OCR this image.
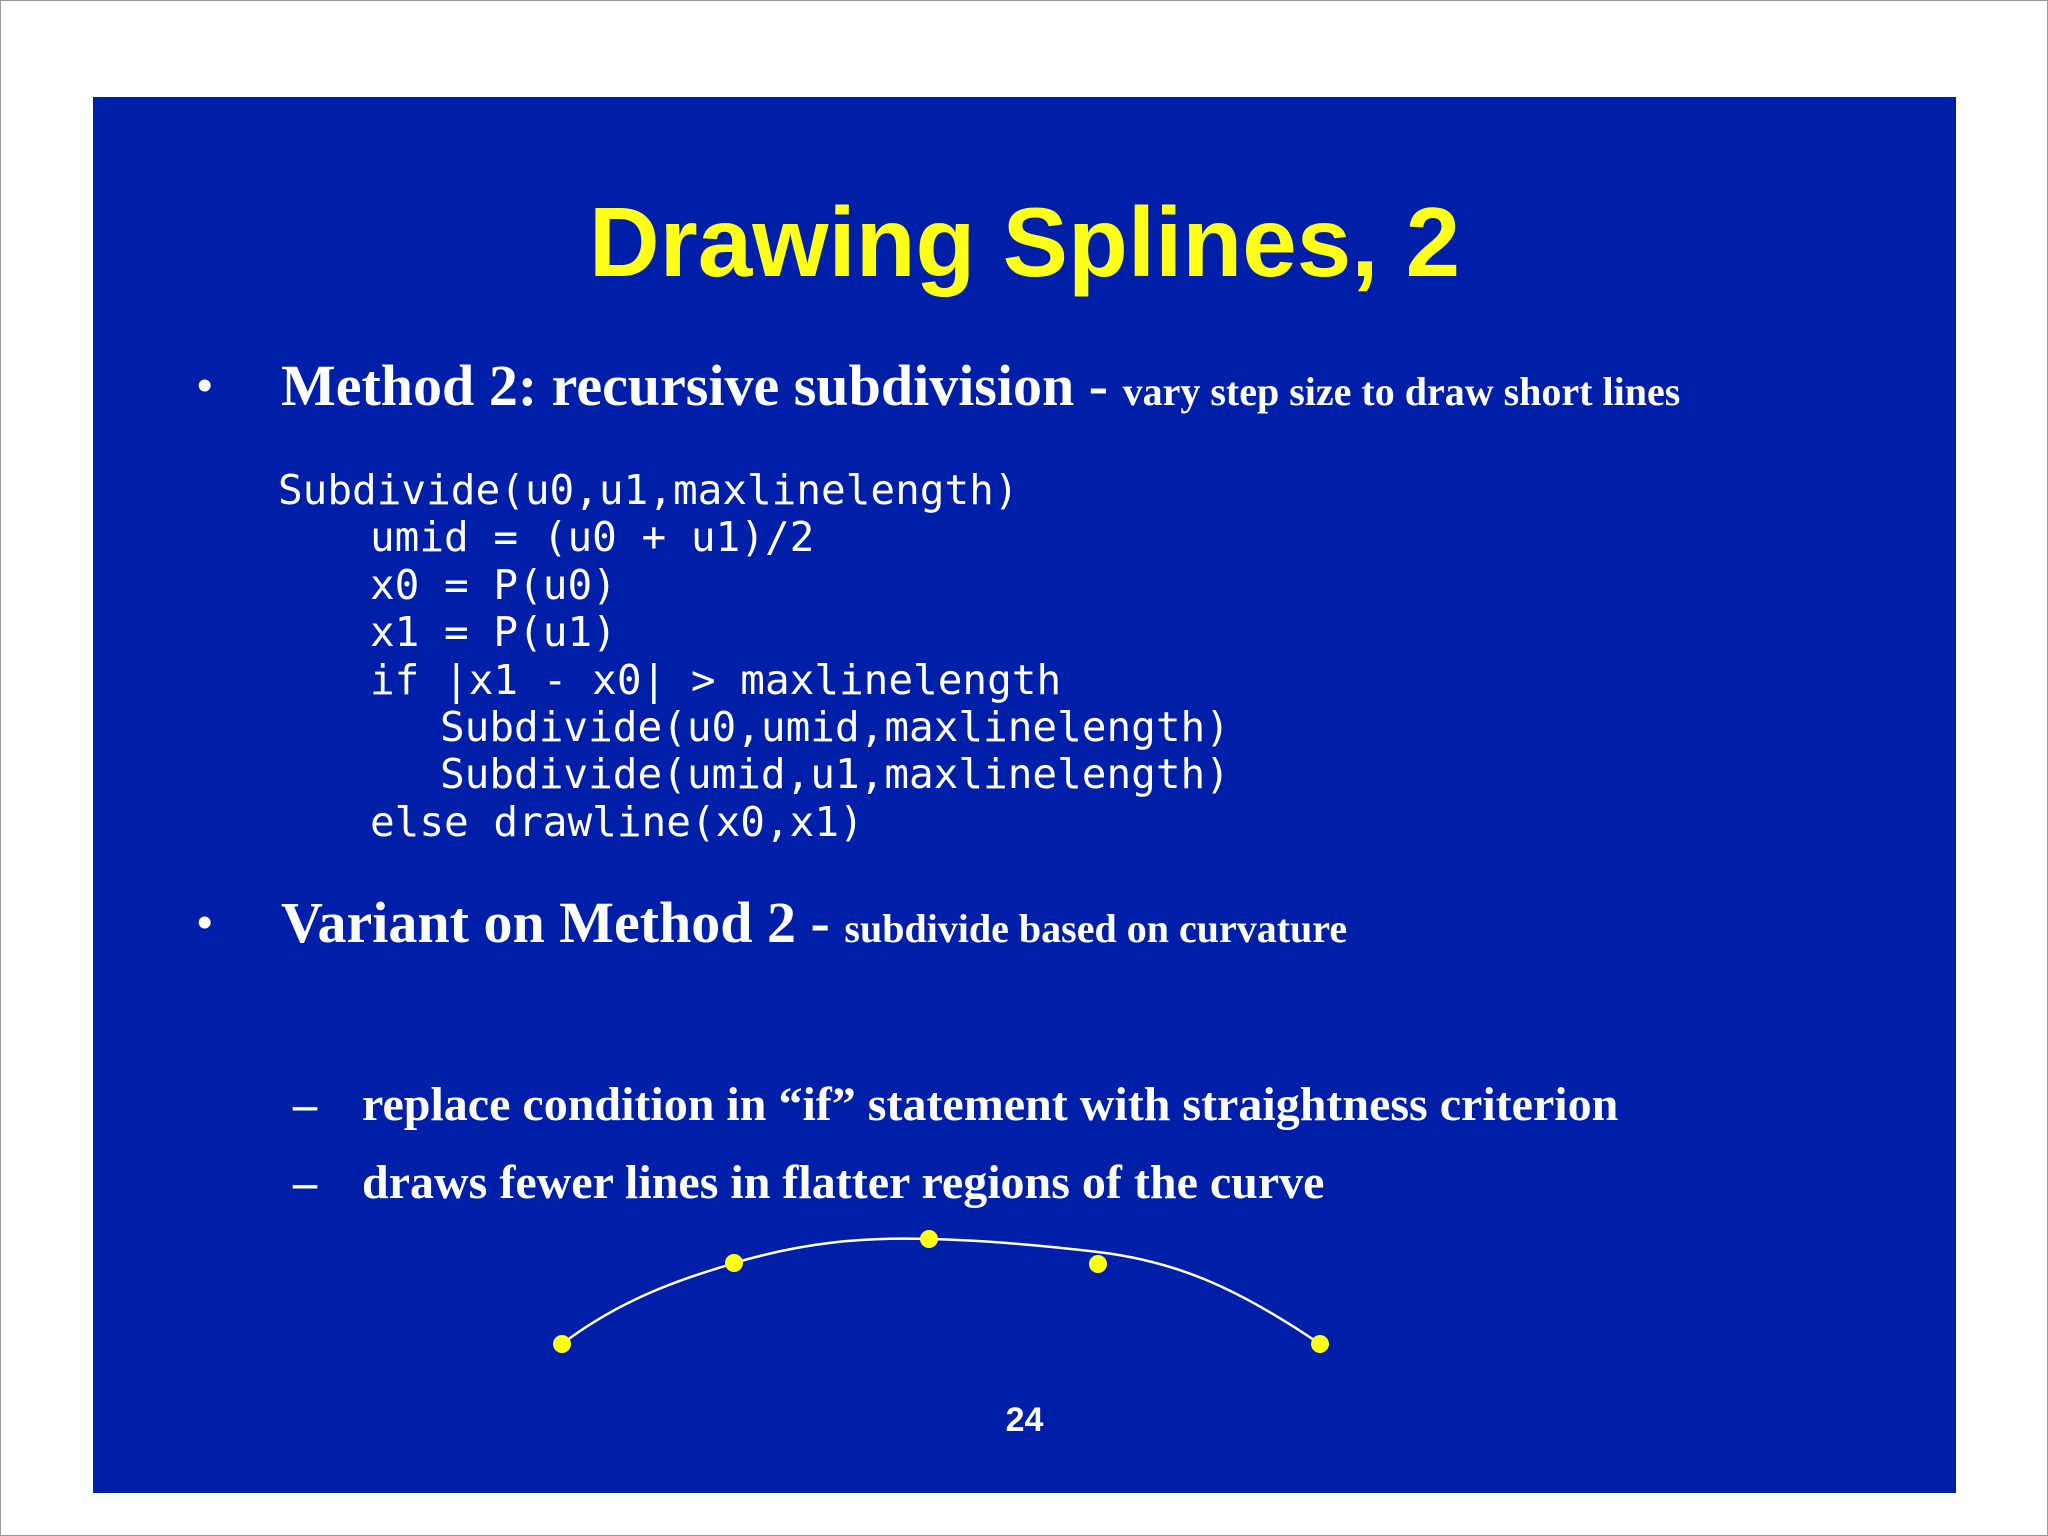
Drawing Splines, 2
• Method 2: recursive subdivision - vary step size to draw short lines
Subdivide(u0,u1,maxlinelength)
umid = (u0 + u1)/2
x0 = P(u0)
x1 = P(u1)
if |x1 - x0| > maxlinelength
Subdivide(u0,umid,maxlinelength)
Subdivide(umid,u1,maxlinelength)
else drawline(x0,x1)
• Variant on Method 2 - subdivide based on curvature
– replace condition in “if” statement with straightness criterion
– draws fewer lines in flatter regions of the curve
24
